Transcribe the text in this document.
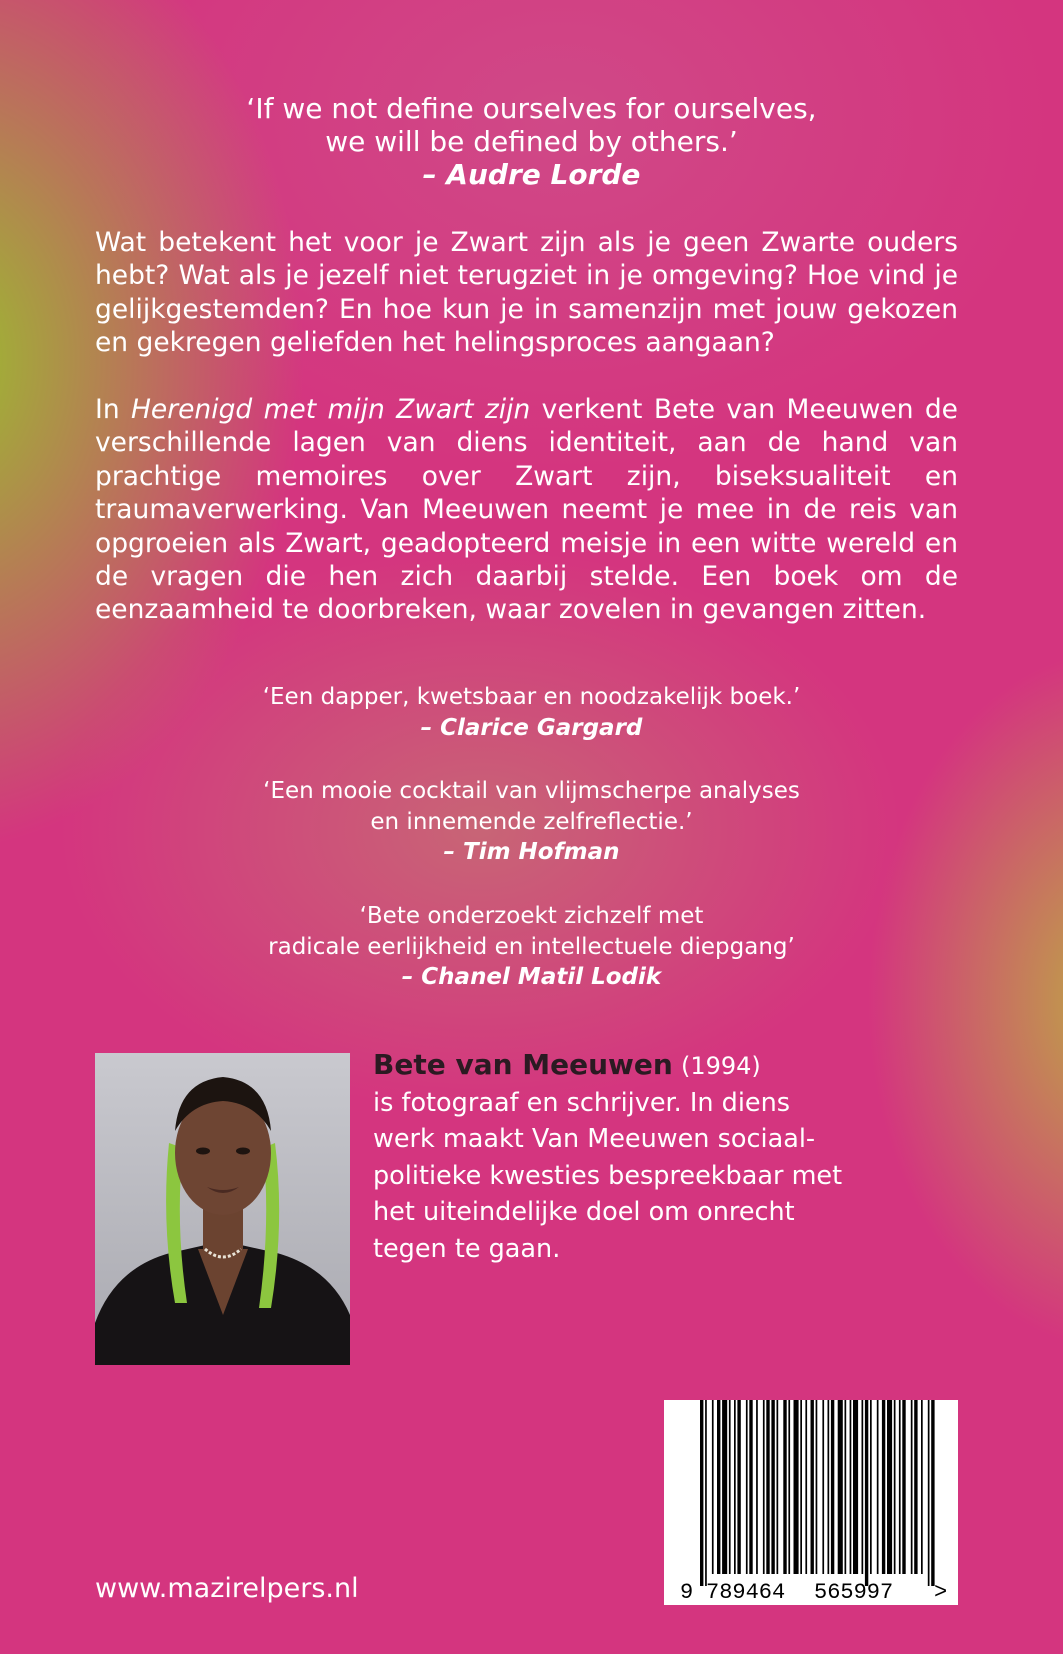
‘If we not define ourselves for ourselves,
we will be defined by others.’
– Audre Lorde
Wat betekent het voor je Zwart zijn als je geen Zwarte ouders hebt? Wat als je jezelf niet terugziet in je omgeving? Hoe vind je gelijkgestemden? En hoe kun je in samenzijn met jouw gekozen en gekregen geliefden het helingsproces aangaan?
In Herenigd met mijn Zwart zijn verkent Bete van Meeuwen de verschillende lagen van diens identiteit, aan de hand van prachtige memoires over Zwart zijn, biseksualiteit en traumaverwerking. Van Meeuwen neemt je mee in de reis van opgroeien als Zwart, geadopteerd meisje in een witte wereld en de vragen die hen zich daarbij stelde. Een boek om de eenzaamheid te doorbreken, waar zovelen in gevangen zitten.
‘Een dapper, kwetsbaar en noodzakelijk boek.’
– Clarice Gargard
‘Een mooie cocktail van vlijmscherpe analyses
en innemende zelfreflectie.’
– Tim Hofman
‘Bete onderzoekt zichzelf met
radicale eerlijkheid en intellectuele diepgang’
– Chanel Matil Lodik
Bete van Meeuwen (1994)
is fotograaf en schrijver. In diens werk maakt Van Meeuwen sociaal-politieke kwesties bespreekbaar met het uiteindelijke doel om onrecht tegen te gaan.
www.mazirelpers.nl	9 789464 565997 >
